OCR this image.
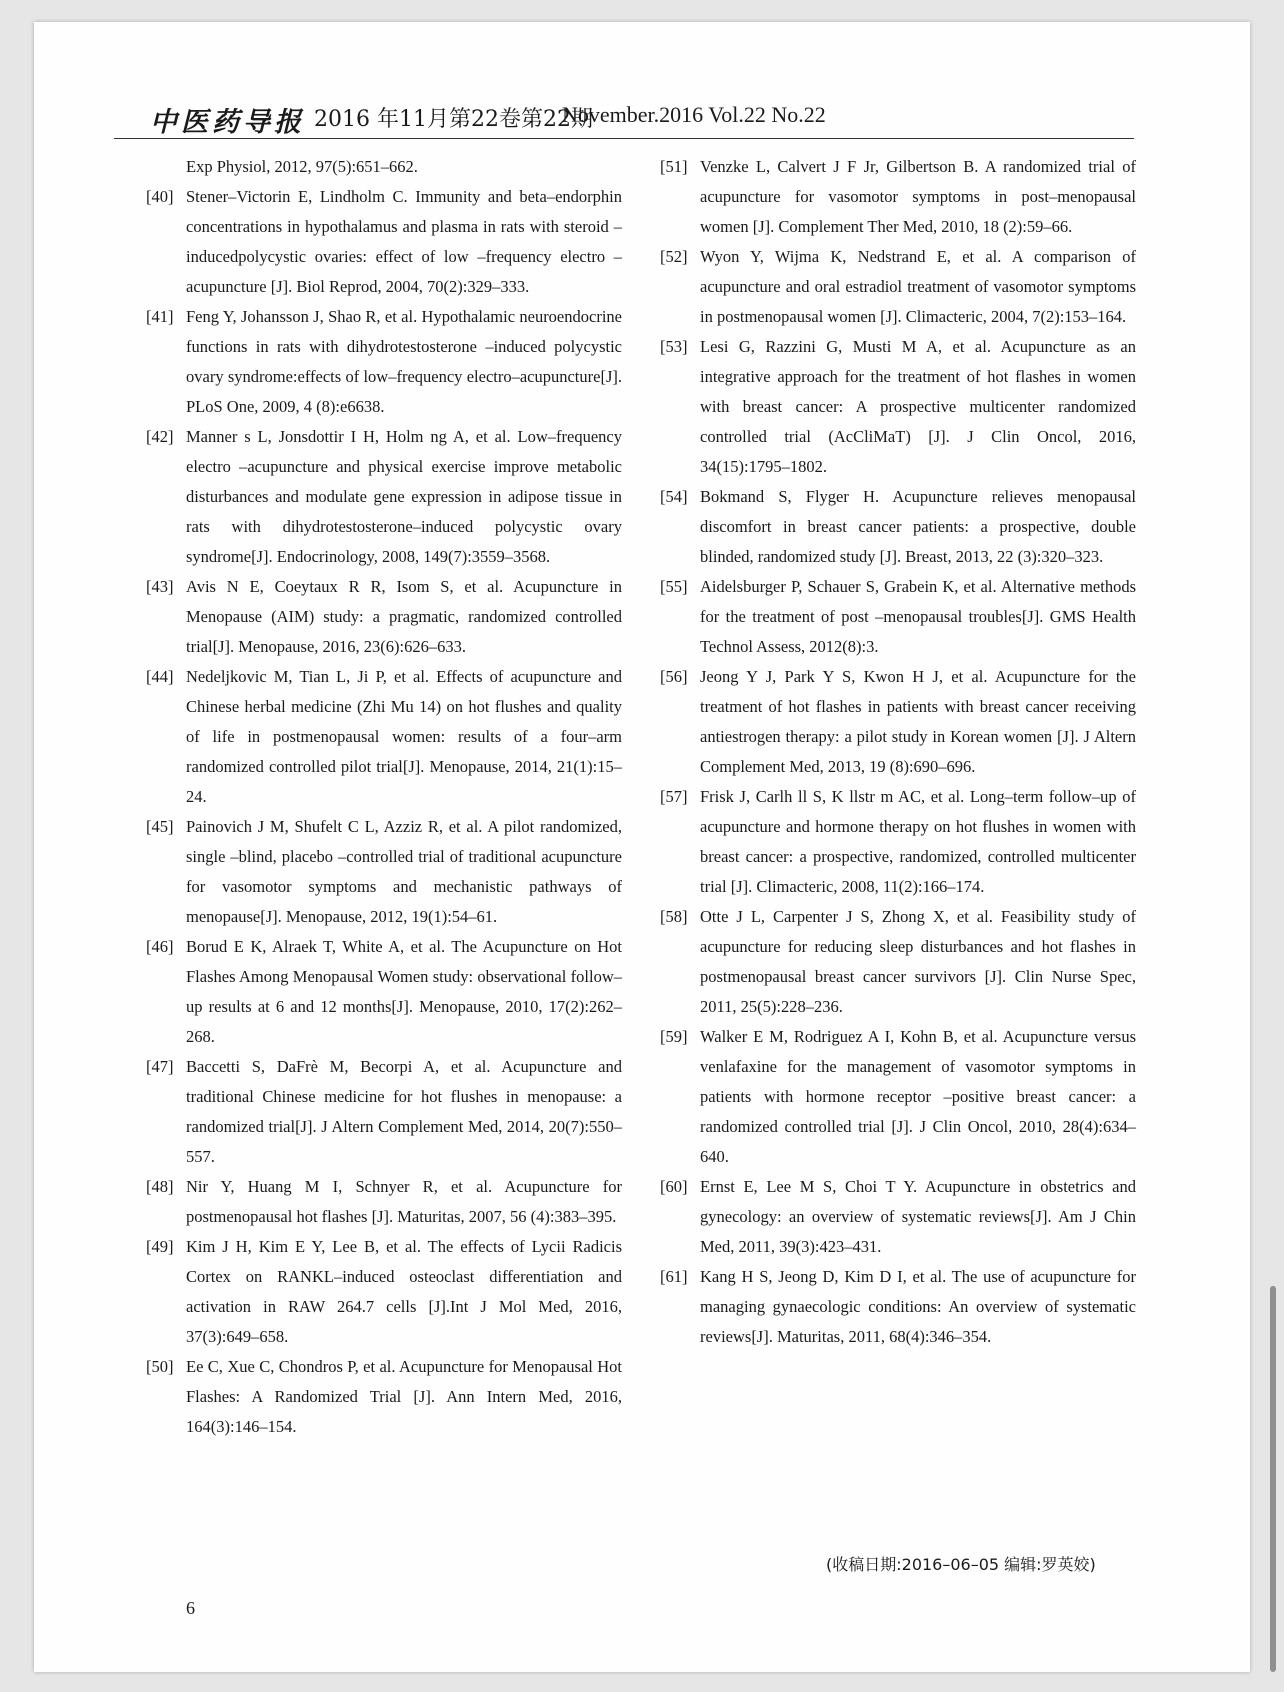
中医药导报 2016 年11月第22卷第22期
November.2016 Vol.22 No.22
Exp Physiol, 2012, 97(5):651–662.
[40] Stener–Victorin E, Lindholm C. Immunity and beta–endorphin concentrations in hypothalamus and plasma in rats with steroid –inducedpolycystic ovaries: effect of low –frequency electro –acupuncture [J]. Biol Reprod, 2004, 70(2):329–333.
[41] Feng Y, Johansson J, Shao R, et al. Hypothalamic neuroendocrine functions in rats with dihydrotestosterone –induced polycystic ovary syndrome:effects of low–frequency electro–acupuncture[J]. PLoS One, 2009, 4 (8):e6638.
[42] Manner s L, Jonsdottir I H, Holm ng A, et al. Low–frequency electro –acupuncture and physical exercise improve metabolic disturbances and modulate gene expression in adipose tissue in rats with dihydrotestosterone–induced polycystic ovary syndrome[J]. Endocrinology, 2008, 149(7):3559–3568.
[43] Avis N E, Coeytaux R R, Isom S, et al. Acupuncture in Menopause (AIM) study: a pragmatic, randomized controlled trial[J]. Menopause, 2016, 23(6):626–633.
[44] Nedeljkovic M, Tian L, Ji P, et al. Effects of acupuncture and Chinese herbal medicine (Zhi Mu 14) on hot flushes and quality of life in postmenopausal women: results of a four–arm randomized controlled pilot trial[J]. Menopause, 2014, 21(1):15–24.
[45] Painovich J M, Shufelt C L, Azziz R, et al. A pilot randomized, single –blind, placebo –controlled trial of traditional acupuncture for vasomotor symptoms and mechanistic pathways of menopause[J]. Menopause, 2012, 19(1):54–61.
[46] Borud E K, Alraek T, White A, et al. The Acupuncture on Hot Flashes Among Menopausal Women study: observational follow–up results at 6 and 12 months[J]. Menopause, 2010, 17(2):262–268.
[47] Baccetti S, DaFrè M, Becorpi A, et al. Acupuncture and traditional Chinese medicine for hot flushes in menopause: a randomized trial[J]. J Altern Complement Med, 2014, 20(7):550–557.
[48] Nir Y, Huang M I, Schnyer R, et al. Acupuncture for postmenopausal hot flashes [J]. Maturitas, 2007, 56 (4):383–395.
[49] Kim J H, Kim E Y, Lee B, et al. The effects of Lycii Radicis Cortex on RANKL–induced osteoclast differentiation and activation in RAW 264.7 cells [J].Int J Mol Med, 2016, 37(3):649–658.
[50] Ee C, Xue C, Chondros P, et al. Acupuncture for Menopausal Hot Flashes: A Randomized Trial [J]. Ann Intern Med, 2016, 164(3):146–154.
[51] Venzke L, Calvert J F Jr, Gilbertson B. A randomized trial of acupuncture for vasomotor symptoms in post–menopausal women [J]. Complement Ther Med, 2010, 18 (2):59–66.
[52] Wyon Y, Wijma K, Nedstrand E, et al. A comparison of acupuncture and oral estradiol treatment of vasomotor symptoms in postmenopausal women [J]. Climacteric, 2004, 7(2):153–164.
[53] Lesi G, Razzini G, Musti M A, et al. Acupuncture as an integrative approach for the treatment of hot flashes in women with breast cancer: A prospective multicenter randomized controlled trial (AcCliMaT) [J]. J Clin Oncol, 2016, 34(15):1795–1802.
[54] Bokmand S, Flyger H. Acupuncture relieves menopausal discomfort in breast cancer patients: a prospective, double blinded, randomized study [J]. Breast, 2013, 22 (3):320–323.
[55] Aidelsburger P, Schauer S, Grabein K, et al. Alternative methods for the treatment of post –menopausal troubles[J]. GMS Health Technol Assess, 2012(8):3.
[56] Jeong Y J, Park Y S, Kwon H J, et al. Acupuncture for the treatment of hot flashes in patients with breast cancer receiving antiestrogen therapy: a pilot study in Korean women [J]. J Altern Complement Med, 2013, 19 (8):690–696.
[57] Frisk J, Carlh ll S, K llstr m AC, et al. Long–term follow–up of acupuncture and hormone therapy on hot flushes in women with breast cancer: a prospective, randomized, controlled multicenter trial [J]. Climacteric, 2008, 11(2):166–174.
[58] Otte J L, Carpenter J S, Zhong X, et al. Feasibility study of acupuncture for reducing sleep disturbances and hot flashes in postmenopausal breast cancer survivors [J]. Clin Nurse Spec, 2011, 25(5):228–236.
[59] Walker E M, Rodriguez A I, Kohn B, et al. Acupuncture versus venlafaxine for the management of vasomotor symptoms in patients with hormone receptor –positive breast cancer: a randomized controlled trial [J]. J Clin Oncol, 2010, 28(4):634–640.
[60] Ernst E, Lee M S, Choi T Y. Acupuncture in obstetrics and gynecology: an overview of systematic reviews[J]. Am J Chin Med, 2011, 39(3):423–431.
[61] Kang H S, Jeong D, Kim D I, et al. The use of acupuncture for managing gynaecologic conditions: An overview of systematic reviews[J]. Maturitas, 2011, 68(4):346–354.
(收稿日期:2016–06–05 编辑:罗英姣)
6
